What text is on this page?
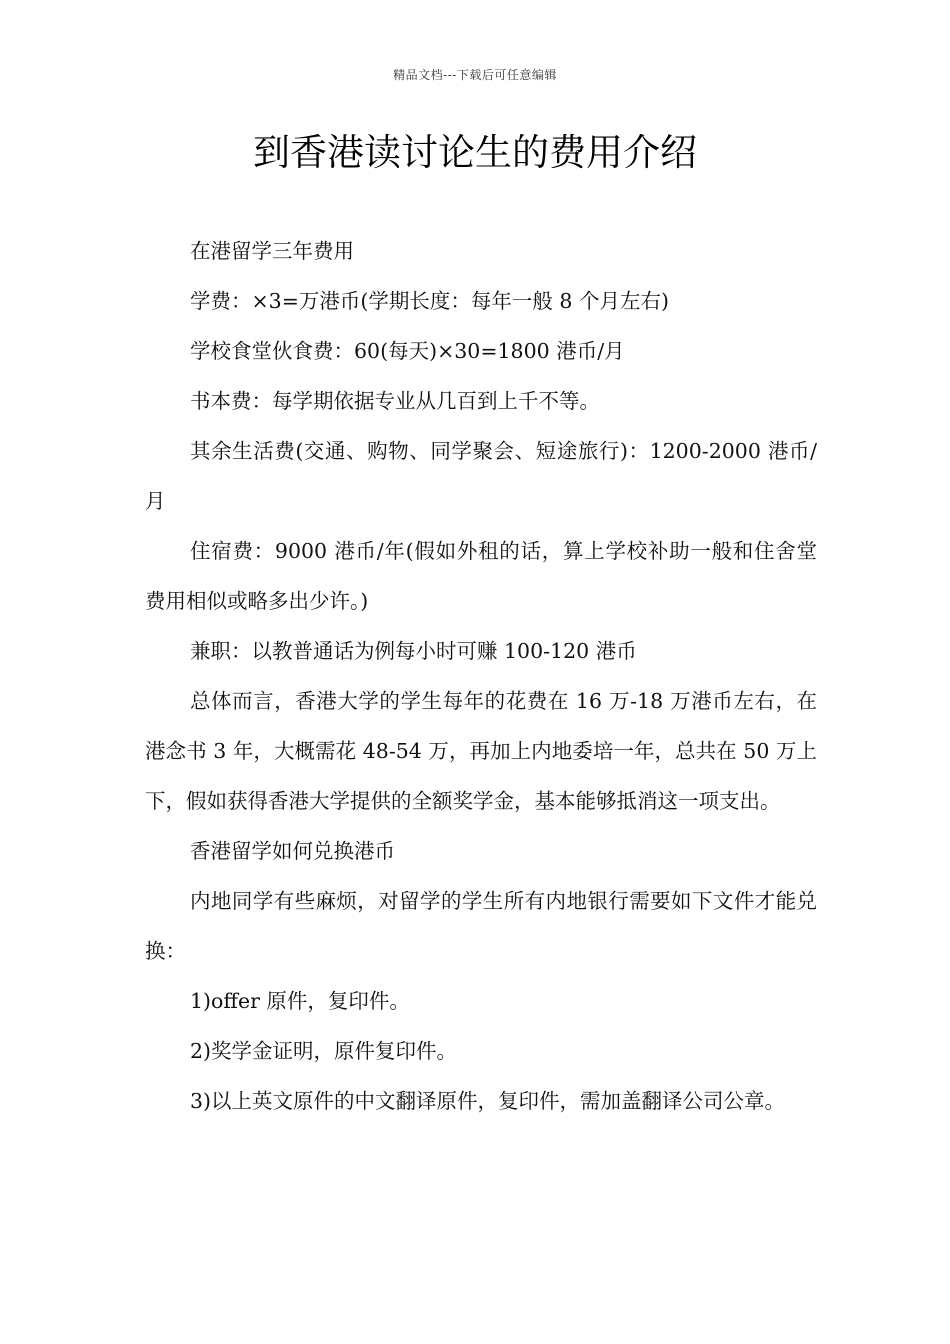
精品文档---下载后可任意编辑
到香港读讨论生的费用介绍

在港留学三年费用

学费：×3=万港币(学期长度：每年一般 8 个月左右)

学校食堂伙食费：60(每天)×30=1800 港币/月

书本费：每学期依据专业从几百到上千不等。

其余生活费(交通、购物、同学聚会、短途旅行)：1200-2000 港币/月

住宿费：9000 港币/年(假如外租的话，算上学校补助一般和住舍堂费用相似或略多出少许。)

兼职：以教普通话为例每小时可赚 100-120 港币

总体而言，香港大学的学生每年的花费在 16 万-18 万港币左右，在港念书 3 年，大概需花 48-54 万，再加上内地委培一年，总共在 50 万上下，假如获得香港大学提供的全额奖学金，基本能够抵消这一项支出。

香港留学如何兑换港币

内地同学有些麻烦，对留学的学生所有内地银行需要如下文件才能兑换：

1)offer 原件，复印件。

2)奖学金证明，原件复印件。

3)以上英文原件的中文翻译原件，复印件，需加盖翻译公司公章。
